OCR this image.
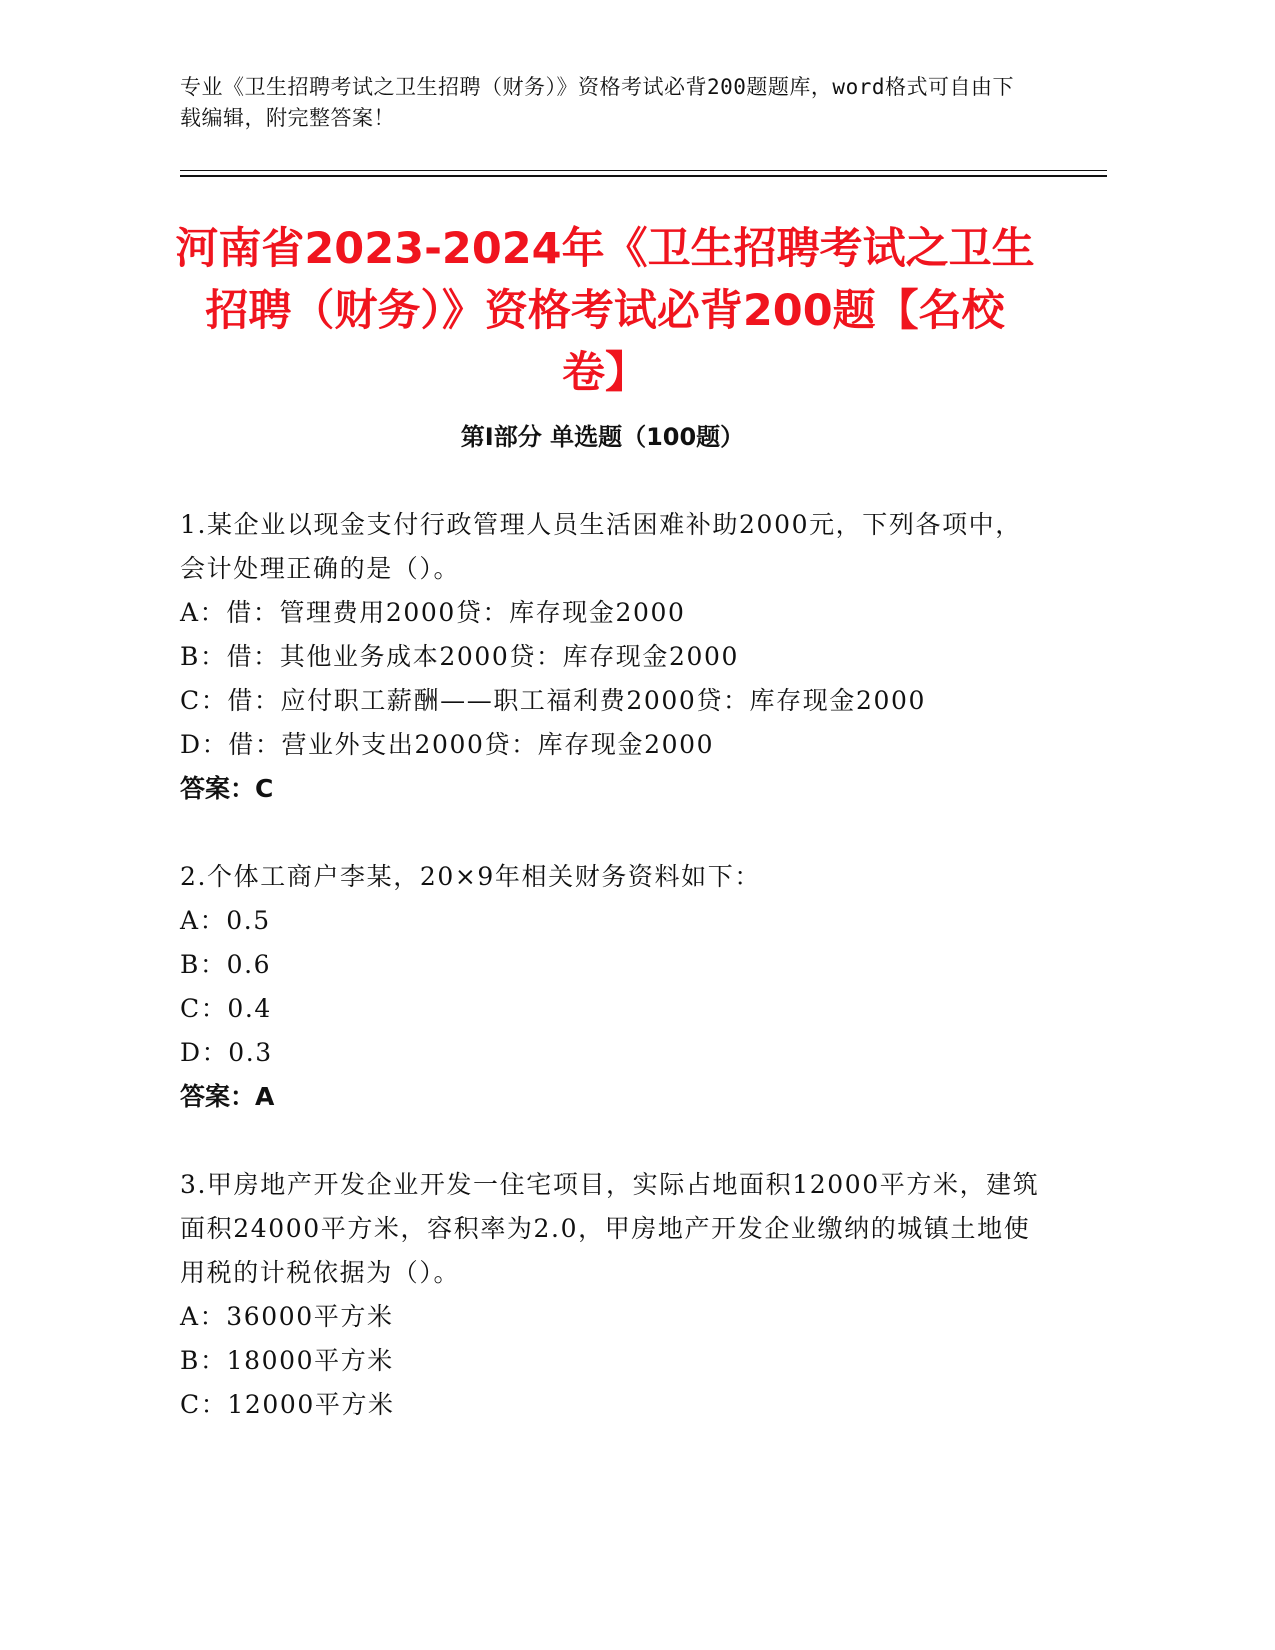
专业《卫生招聘考试之卫生招聘（财务）》资格考试必背200题题库，word格式可自由下载编辑，附完整答案！

河南省2023-2024年《卫生招聘考试之卫生招聘（财务）》资格考试必背200题【名校卷】
第I部分 单选题（100题）

1.某企业以现金支付行政管理人员生活困难补助2000元，下列各项中，会计处理正确的是（）。

A：借：管理费用2000贷：库存现金2000

B：借：其他业务成本2000贷：库存现金2000

C：借：应付职工薪酬——职工福利费2000贷：库存现金2000

D：借：营业外支出2000贷：库存现金2000

答案：C

2.个体工商户李某，20×9年相关财务资料如下：

A：0.5

B：0.6

C：0.4

D：0.3

答案：A

3.甲房地产开发企业开发一住宅项目，实际占地面积12000平方米，建筑面积24000平方米，容积率为2.0，甲房地产开发企业缴纳的城镇土地使用税的计税依据为（）。

A：36000平方米

B：18000平方米

C：12000平方米
